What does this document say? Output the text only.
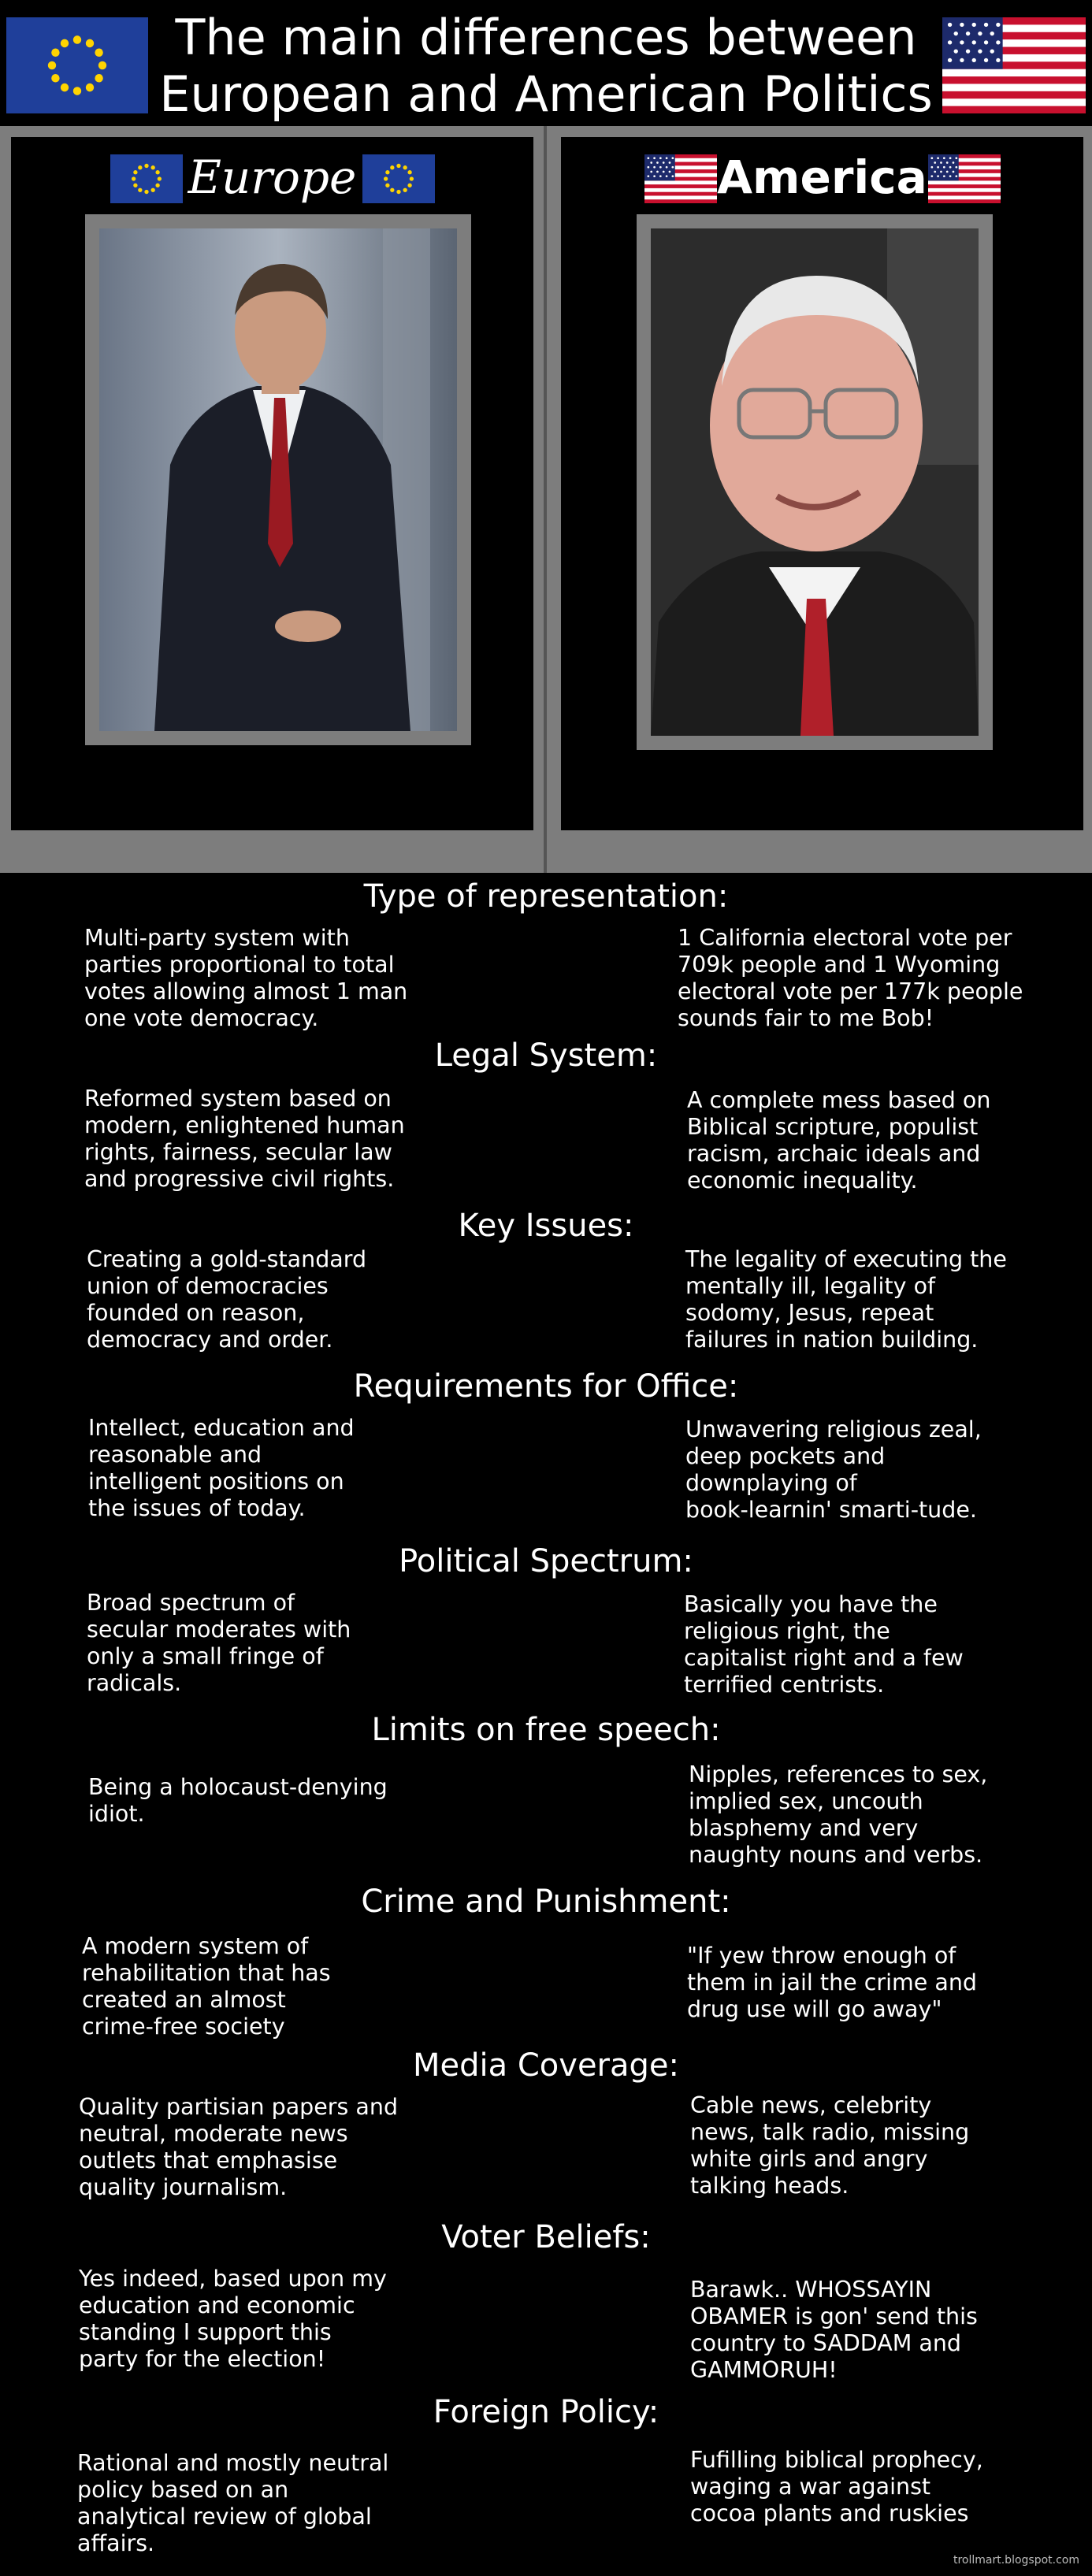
The main differences between
European and American Politics
Europe	America
Type of representation:
Multi-party system with
parties proportional to total
votes allowing almost 1 man
one vote democracy.
1 California electoral vote per
709k people and 1 Wyoming
electoral vote per 177k people
sounds fair to me Bob!
Legal System:
Reformed system based on
modern, enlightened human
rights, fairness, secular law
and progressive civil rights.
A complete mess based on
Biblical scripture, populist
racism, archaic ideals and
economic inequality.
Key Issues:
Creating a gold-standard
union of democracies
founded on reason,
democracy and order.
The legality of executing the
mentally ill, legality of
sodomy, Jesus, repeat
failures in nation building.
Requirements for Office:
Intellect, education and
reasonable and
intelligent positions on
the issues of today.
Unwavering religious zeal,
deep pockets and
downplaying of
book-learnin' smarti-tude.
Political Spectrum:
Broad spectrum of
secular moderates with
only a small fringe of
radicals.
Basically you have the
religious right, the
capitalist right and a few
terrified centrists.
Limits on free speech:
Being a holocaust-denying
idiot.
Nipples, references to sex,
implied sex, uncouth
blasphemy and very
naughty nouns and verbs.
Crime and Punishment:
A modern system of
rehabilitation that has
created an almost
crime-free society
"If yew throw enough of
them in jail the crime and
drug use will go away"
Media Coverage:
Quality partisian papers and
neutral, moderate news
outlets that emphasise
quality journalism.
Cable news, celebrity
news, talk radio, missing
white girls and angry
talking heads.
Voter Beliefs:
Yes indeed, based upon my
education and economic
standing I support this
party for the election!
Barawk.. WHOSSAYIN
OBAMER is gon' send this
country to SADDAM and
GAMMORUH!
Foreign Policy:
Rational and mostly neutral
policy based on an
analytical review of global
affairs.
Fufilling biblical prophecy,
waging a war against
cocoa plants and ruskies
trollmart.blogspot.com
